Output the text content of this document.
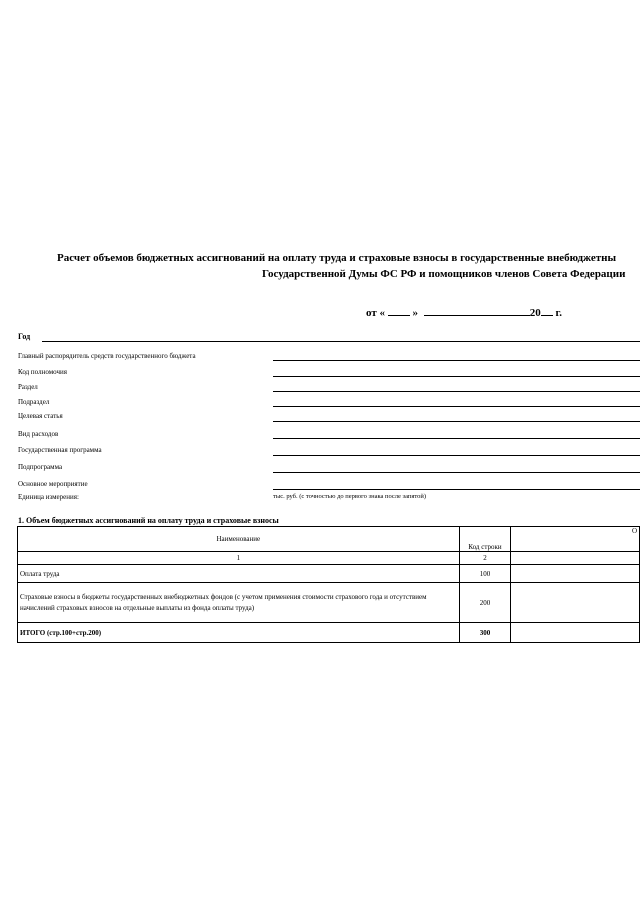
Расчет объемов бюджетных ассигнований на оплату труда и страховые взносы в государственные внебюджетны
Государственной Думы ФС РФ и помощников членов Совета Федерации
от «	»	20 г.
Год
Главный распорядитель средств государственного бюджета
Код полномочия
Раздел
Подраздел
Целевая статья
Вид расходов
Государственная программа
Подпрограмма
Основное мероприятие
Единица измерения:	тыс. руб. (с точностью до первого знака после запятой)
1. Объем бюджетных ассигнований на оплату труда и страховые взносы
Наименование	Код строки	О
1	2	
Оплата труда	100	
Страховые взносы в бюджеты государственных внебюджетных фондов (с учетом применения стоимости страхового года и отсутствием начислений страховых взносов на отдельные выплаты из фонда оплаты труда)	200	
ИТОГО (стр.100+стр.200)	300	
